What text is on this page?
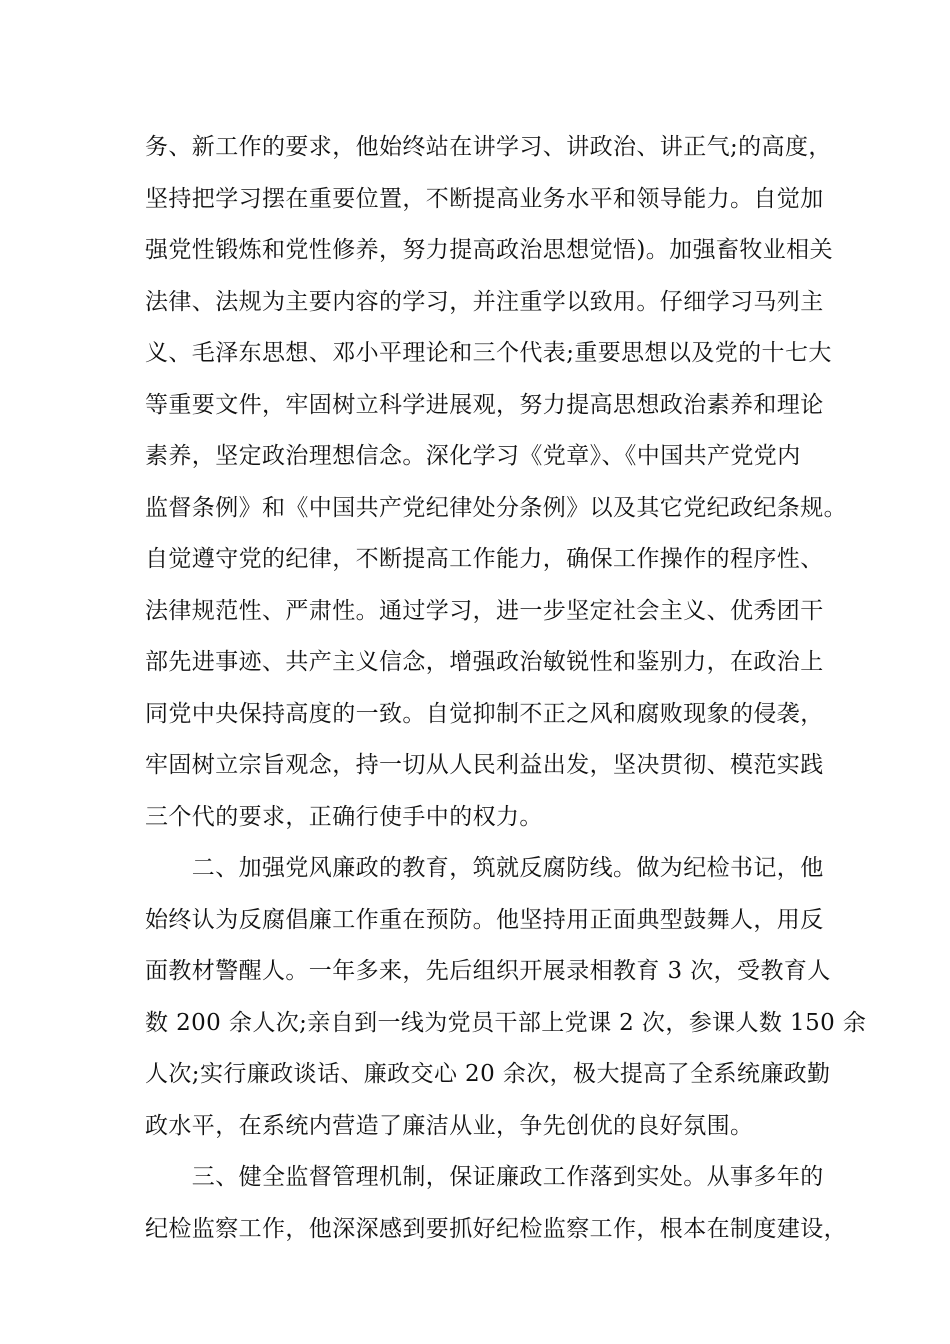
务、新工作的要求，他始终站在讲学习、讲政治、讲正气;的高度，
坚持把学习摆在重要位置，不断提高业务水平和领导能力。自觉加
强党性锻炼和党性修养，努力提高政治思想觉悟)。加强畜牧业相关
法律、法规为主要内容的学习，并注重学以致用。仔细学习马列主
义、毛泽东思想、邓小平理论和三个代表;重要思想以及党的十七大
等重要文件，牢固树立科学进展观，努力提高思想政治素养和理论
素养，坚定政治理想信念。深化学习《党章》、《中国共产党党内
监督条例》和《中国共产党纪律处分条例》以及其它党纪政纪条规。
自觉遵守党的纪律，不断提高工作能力，确保工作操作的程序性、
法律规范性、严肃性。通过学习，进一步坚定社会主义、优秀团干
部先进事迹、共产主义信念，增强政治敏锐性和鉴别力，在政治上
同党中央保持高度的一致。自觉抑制不正之风和腐败现象的侵袭，
牢固树立宗旨观念，持一切从人民利益出发，坚决贯彻、模范实践
三个代的要求，正确行使手中的权力。
　　二、加强党风廉政的教育，筑就反腐防线。做为纪检书记，他
始终认为反腐倡廉工作重在预防。他坚持用正面典型鼓舞人，用反
面教材警醒人。一年多来，先后组织开展录相教育 3 次，受教育人
数 200 余人次;亲自到一线为党员干部上党课 2 次，参课人数 150 余
人次;实行廉政谈话、廉政交心 20 余次，极大提高了全系统廉政勤
政水平，在系统内营造了廉洁从业，争先创优的良好氛围。
　　三、健全监督管理机制，保证廉政工作落到实处。从事多年的
纪检监察工作，他深深感到要抓好纪检监察工作，根本在制度建设，
